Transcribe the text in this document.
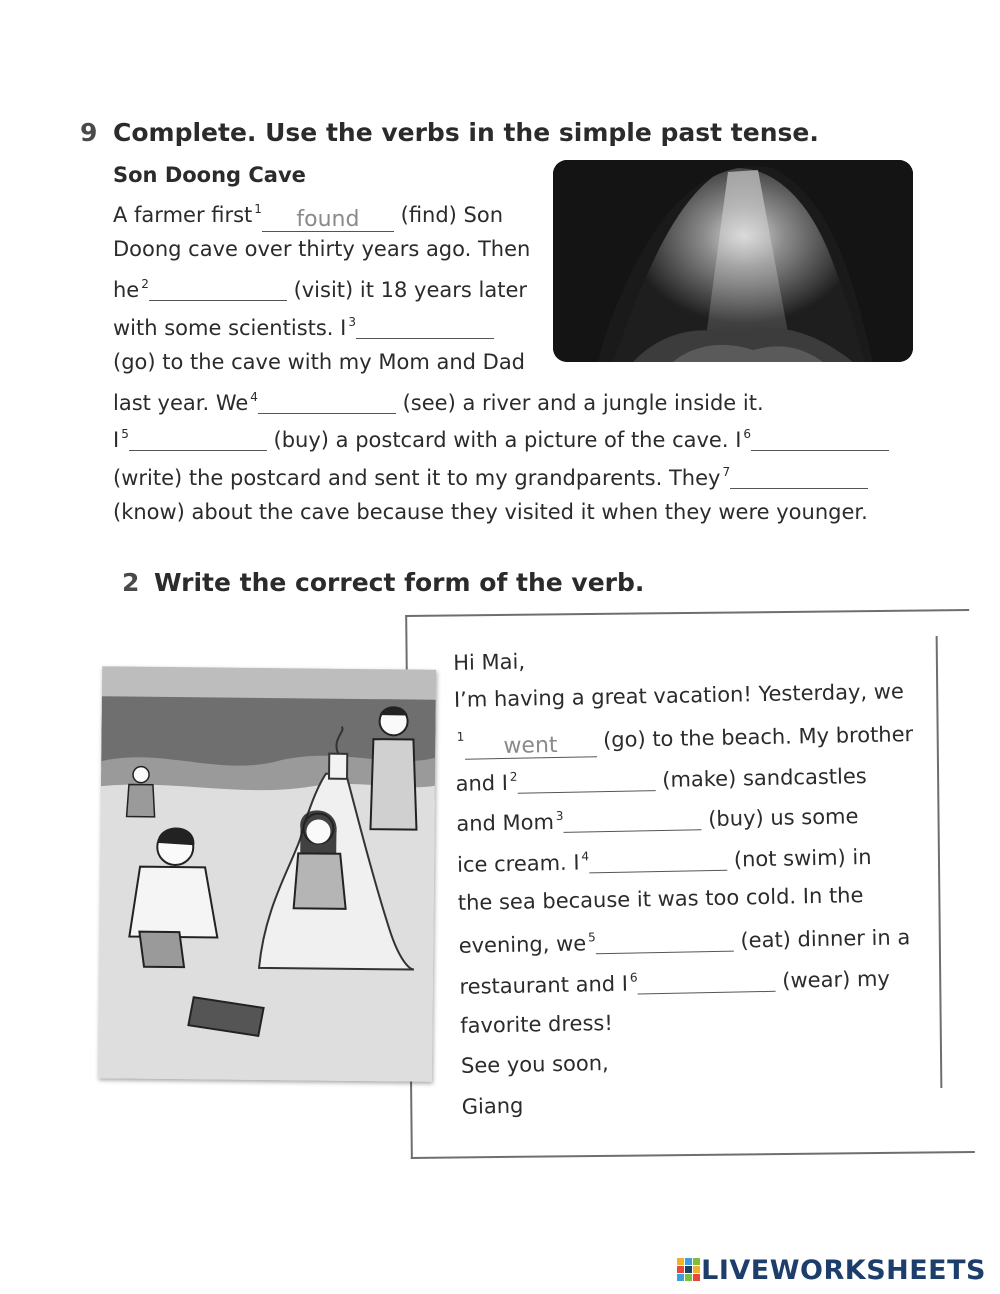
9 Complete. Use the verbs in the simple past tense.
Son Doong Cave
A farmer first $^1$ found (find) Son
Doong cave over thirty years ago. Then
he $^2$	(visit) it 18 years later
with some scientists. I $^3$
(go) to the cave with my Mom and Dad
last year. We $^4$	(see) a river and a jungle inside it.
I $^5$	(buy) a postcard with a picture of the cave. I $^6$
(write) the postcard and sent it to my grandparents. They $^7$
(know) about the cave because they visited it when they were younger.
2 Write the correct form of the verb.
Hi Mai,
I’m having a great vacation! Yesterday, we
$^1$ went (go) to the beach. My brother
and I $^2$	(make) sandcastles
and Mom $^3$	(buy) us some
ice cream. I $^4$	(not swim) in
the sea because it was too cold. In the
evening, we $^5$	(eat) dinner in a
restaurant and I $^6$	(wear) my
favorite dress!
See you soon,
Giang
LIVEWORKSHEETS
